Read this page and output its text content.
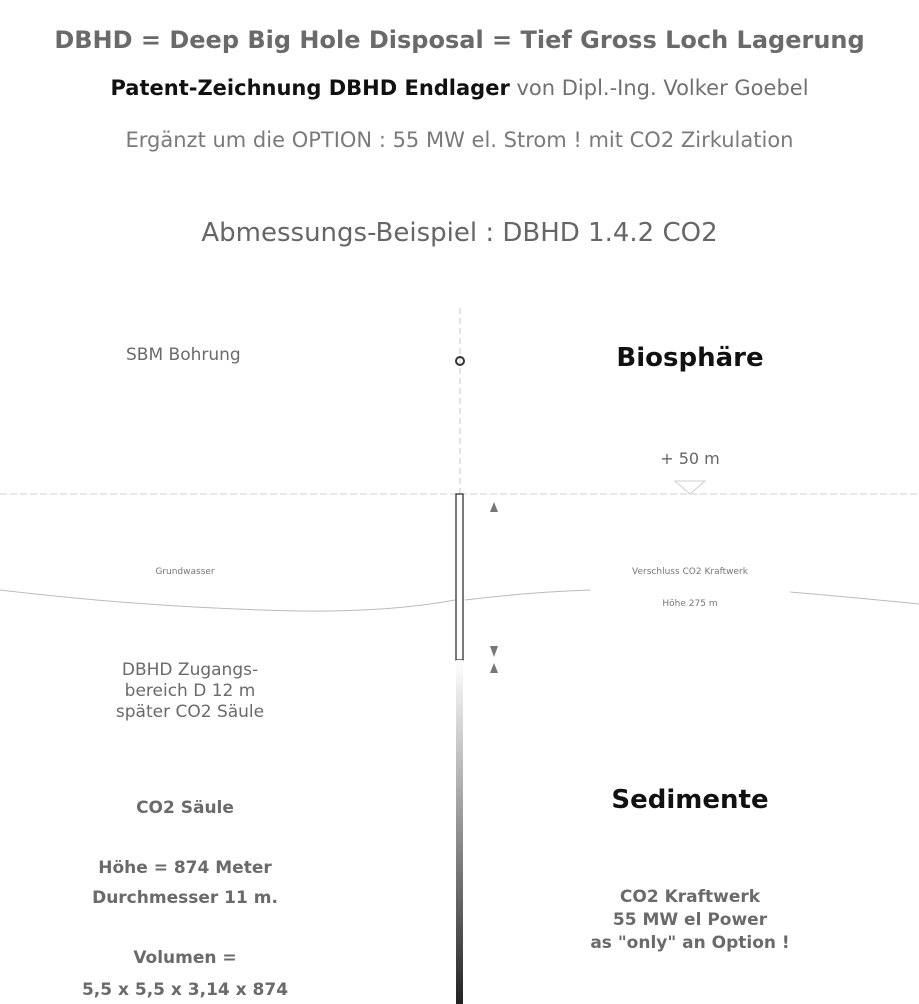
DBHD = Deep Big Hole Disposal = Tief Gross Loch Lagerung
Patent-Zeichnung DBHD Endlager von Dipl.-Ing. Volker Goebel
Ergänzt um die OPTION : 55 MW el. Strom ! mit CO2 Zirkulation
Abmessungs-Beispiel : DBHD 1.4.2 CO2
SBM Bohrung	Biosphäre
+ 50 m
Grundwasser	Verschluss CO2 Kraftwerk
Höhe 275 m
DBHD Zugangs-
bereich D 12 m
später CO2 Säule
Sedimente
CO2 Säule
Höhe = 874 Meter
Durchmesser 11 m.
Volumen =
5,5 x 5,5 x 3,14 x 874
CO2 Kraftwerk
55 MW el Power
as "only" an Option !
